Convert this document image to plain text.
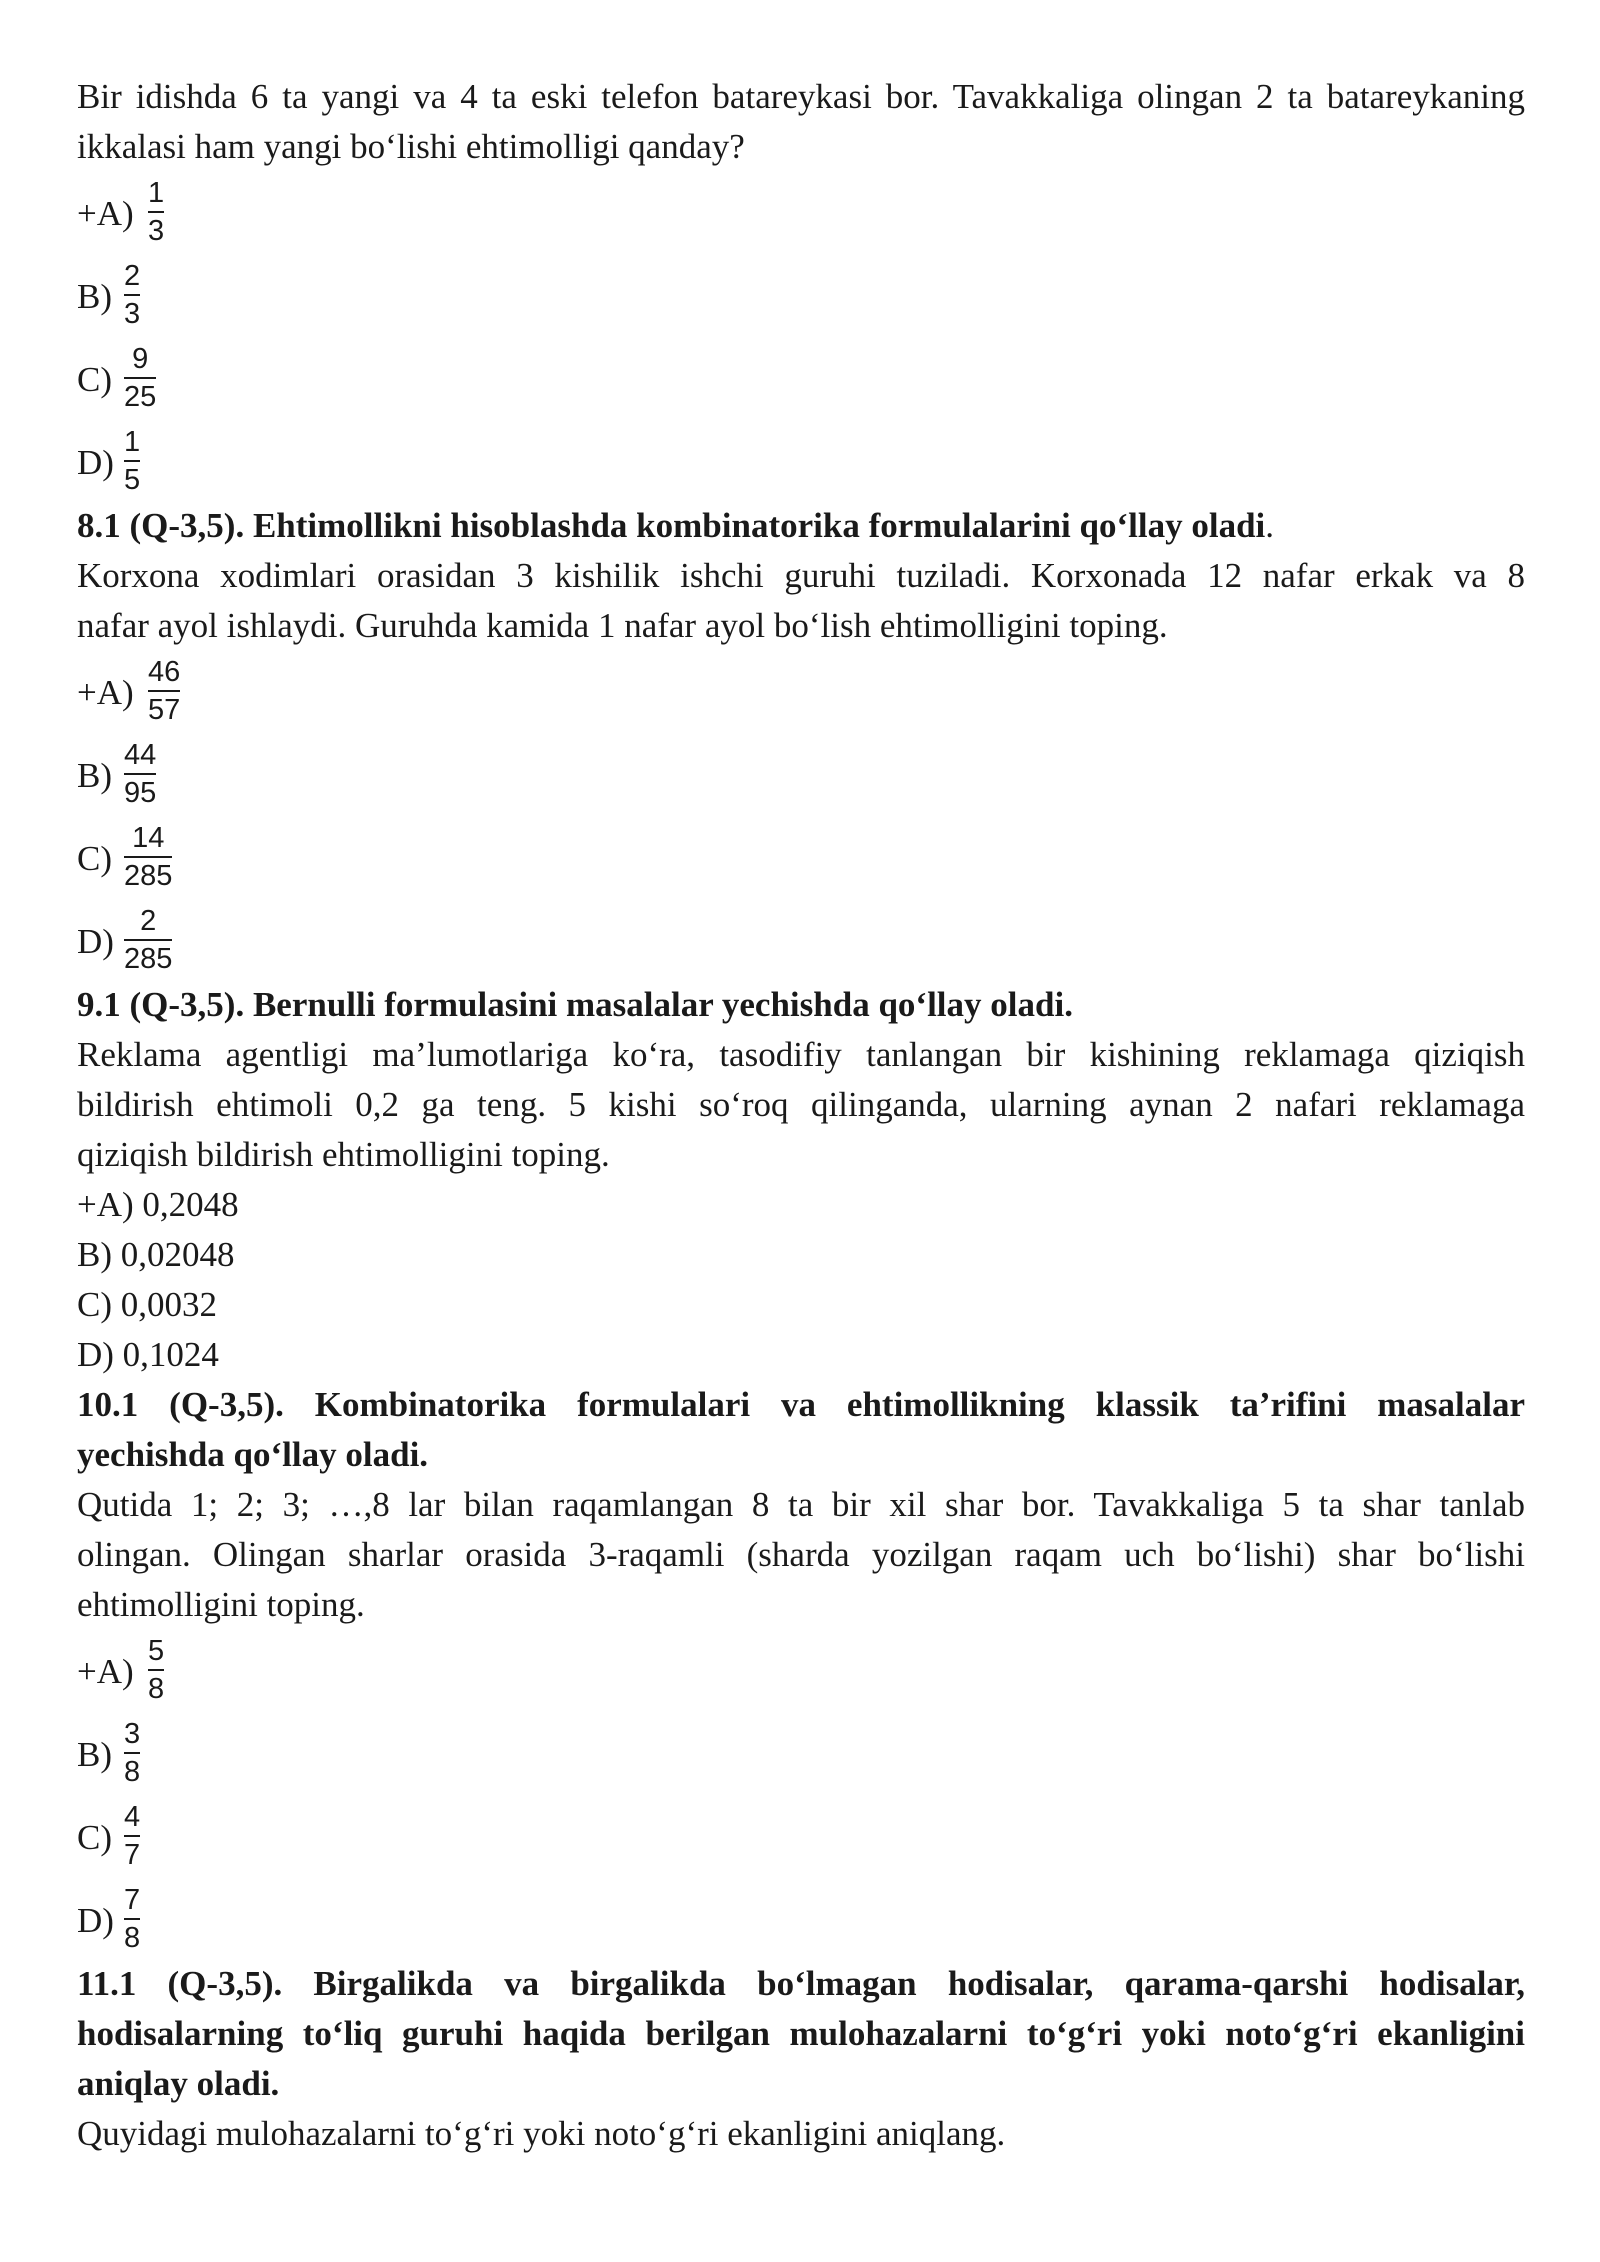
Bir idishda 6 ta yangi va 4 ta eski telefon batareykasi bor. Tavakkaliga olingan 2 ta batareykaning
ikkalasi ham yangi bo‘lishi ehtimolligi qanday?
+A)
1
3
B)
2
3
C)
9
25
D)
1
5
8.1 (Q-3,5). Ehtimollikni hisoblashda kombinatorika formulalarini qo‘llay oladi.
Korxona xodimlari orasidan 3 kishilik ishchi guruhi tuziladi. Korxonada 12 nafar erkak va 8
nafar ayol ishlaydi. Guruhda kamida 1 nafar ayol bo‘lish ehtimolligini toping.
+A)
46
57
B)
44
95
C)
14
285
D)
2
285
9.1 (Q-3,5). Bernulli formulasini masalalar yechishda qo‘llay oladi.
Reklama agentligi ma’lumotlariga ko‘ra, tasodifiy tanlangan bir kishining reklamaga qiziqish
bildirish ehtimoli 0,2 ga teng. 5 kishi so‘roq qilinganda, ularning aynan 2 nafari reklamaga
qiziqish bildirish ehtimolligini toping.
+A) 0,2048
B) 0,02048
C) 0,0032
D) 0,1024
10.1 (Q-3,5). Kombinatorika formulalari va ehtimollikning klassik ta’rifini masalalar
yechishda qo‘llay oladi.
Qutida 1; 2; 3; …,8 lar bilan raqamlangan 8 ta bir xil shar bor. Tavakkaliga 5 ta shar tanlab
olingan. Olingan sharlar orasida 3-raqamli (sharda yozilgan raqam uch bo‘lishi) shar bo‘lishi
ehtimolligini toping.
+A)
5
8
B)
3
8
C)
4
7
D)
7
8
11.1 (Q-3,5). Birgalikda va birgalikda bo‘lmagan hodisalar, qarama-qarshi hodisalar,
hodisalarning to‘liq guruhi haqida berilgan mulohazalarni to‘g‘ri yoki noto‘g‘ri ekanligini
aniqlay oladi.
Quyidagi mulohazalarni to‘g‘ri yoki noto‘g‘ri ekanligini aniqlang.
